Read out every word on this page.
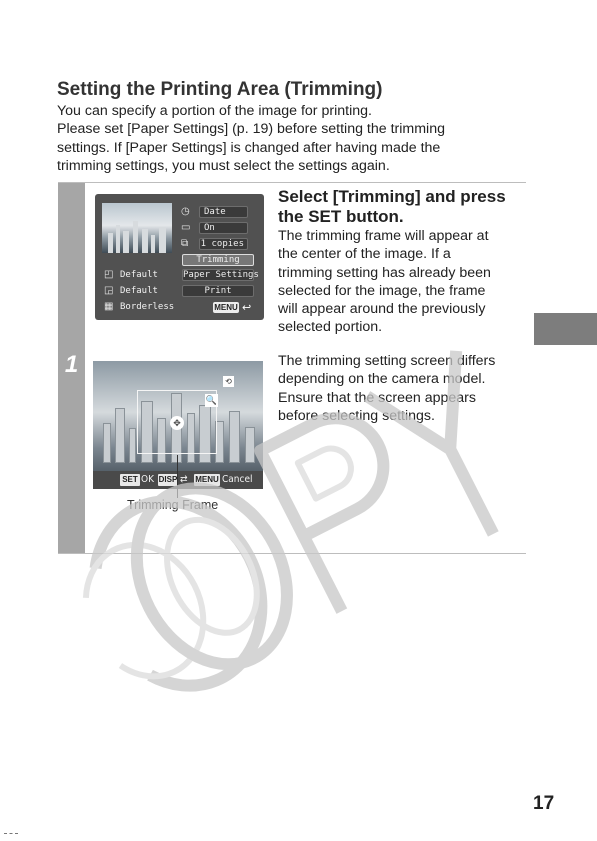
Setting the Printing Area (Trimming)

You can specify a portion of the image for printing.
Please set [Paper Settings] (p. 19) before setting the trimming
settings. If [Paper Settings] is changed after having made the
trimming settings, you must select the settings again.

1
◷	Date
▭	On
⧉ 1 copies
Trimming
◰ Default
◲ Default
▦ Borderless
Paper Settings
Print
MENU ↩
✥
🔍
⟲
SET OK DISP ⇄ MENU Cancel
Trimming Frame
Select [Trimming] and press
the SET button.

The trimming frame will appear at
the center of the image. If a
trimming setting has already been
selected for the image, the frame
will appear around the previously
selected portion.

The trimming setting screen differs
depending on the camera model.
Ensure that the screen appears
before selecting settings.

17
